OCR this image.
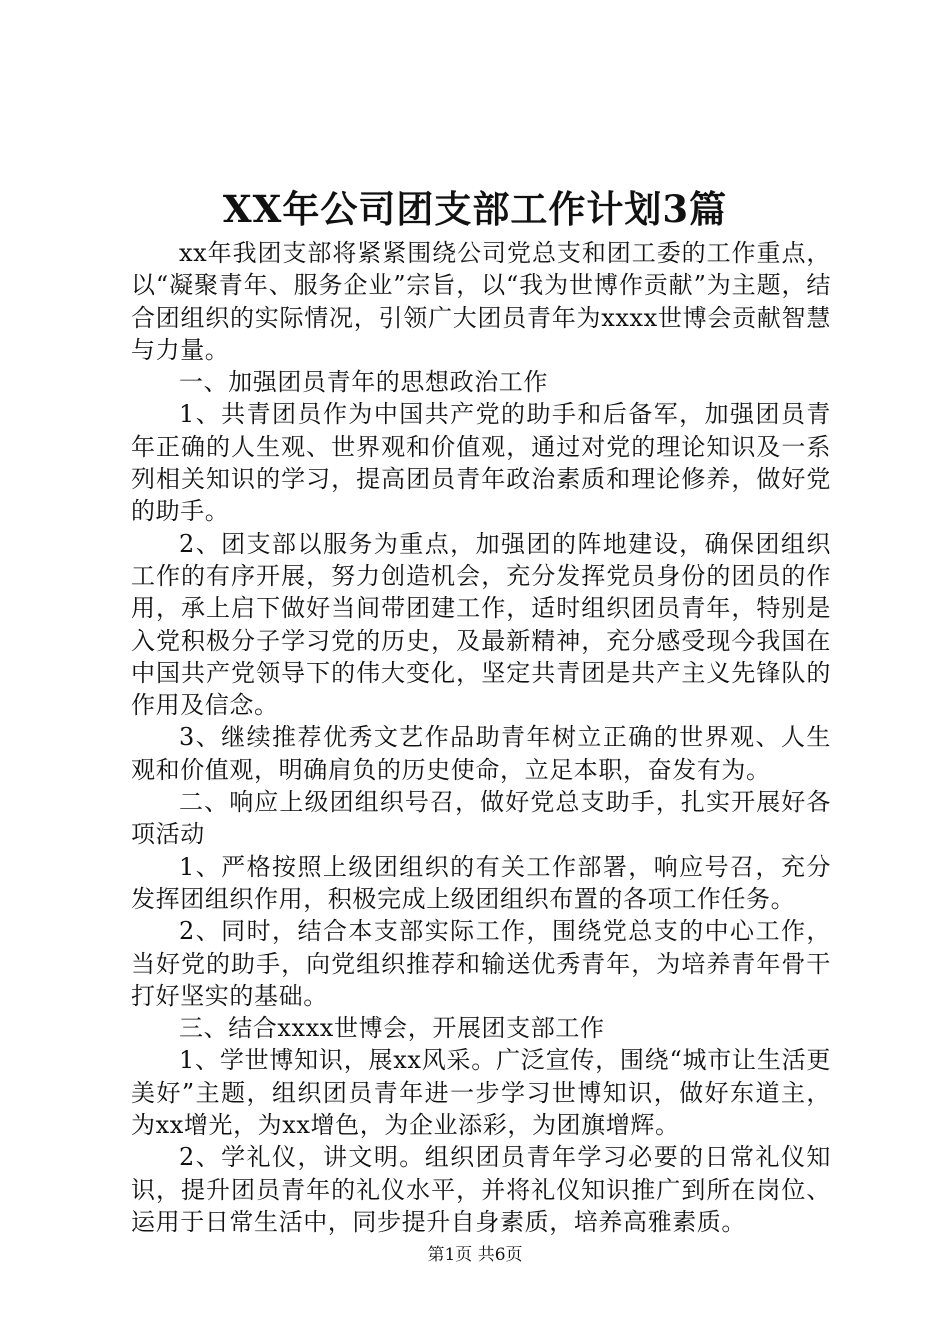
XX年公司团支部工作计划3篇

xx年我团支部将紧紧围绕公司党总支和团工委的工作重点，以“凝聚青年、服务企业”宗旨，以“我为世博作贡献”为主题，结合团组织的实际情况，引领广大团员青年为xxxx世博会贡献智慧与力量。

一、加强团员青年的思想政治工作

1、共青团员作为中国共产党的助手和后备军，加强团员青年正确的人生观、世界观和价值观，通过对党的理论知识及一系列相关知识的学习，提高团员青年政治素质和理论修养，做好党的助手。

2、团支部以服务为重点，加强团的阵地建设，确保团组织工作的有序开展，努力创造机会，充分发挥党员身份的团员的作用，承上启下做好当间带团建工作，适时组织团员青年，特别是入党积极分子学习党的历史，及最新精神，充分感受现今我国在中国共产党领导下的伟大变化，坚定共青团是共产主义先锋队的作用及信念。

3、继续推荐优秀文艺作品助青年树立正确的世界观、人生观和价值观，明确肩负的历史使命，立足本职，奋发有为。

二、响应上级团组织号召，做好党总支助手，扎实开展好各项活动

1、严格按照上级团组织的有关工作部署，响应号召，充分发挥团组织作用，积极完成上级团组织布置的各项工作任务。

2、同时，结合本支部实际工作，围绕党总支的中心工作，当好党的助手，向党组织推荐和输送优秀青年，为培养青年骨干打好坚实的基础。

三、结合xxxx世博会，开展团支部工作

1、学世博知识，展xx风采。广泛宣传，围绕“城市让生活更美好”主题，组织团员青年进一步学习世博知识，做好东道主，为xx增光，为xx增色，为企业添彩，为团旗增辉。

2、学礼仪，讲文明。组织团员青年学习必要的日常礼仪知识，提升团员青年的礼仪水平，并将礼仪知识推广到所在岗位、运用于日常生活中，同步提升自身素质，培养高雅素质。

第1页 共6页
